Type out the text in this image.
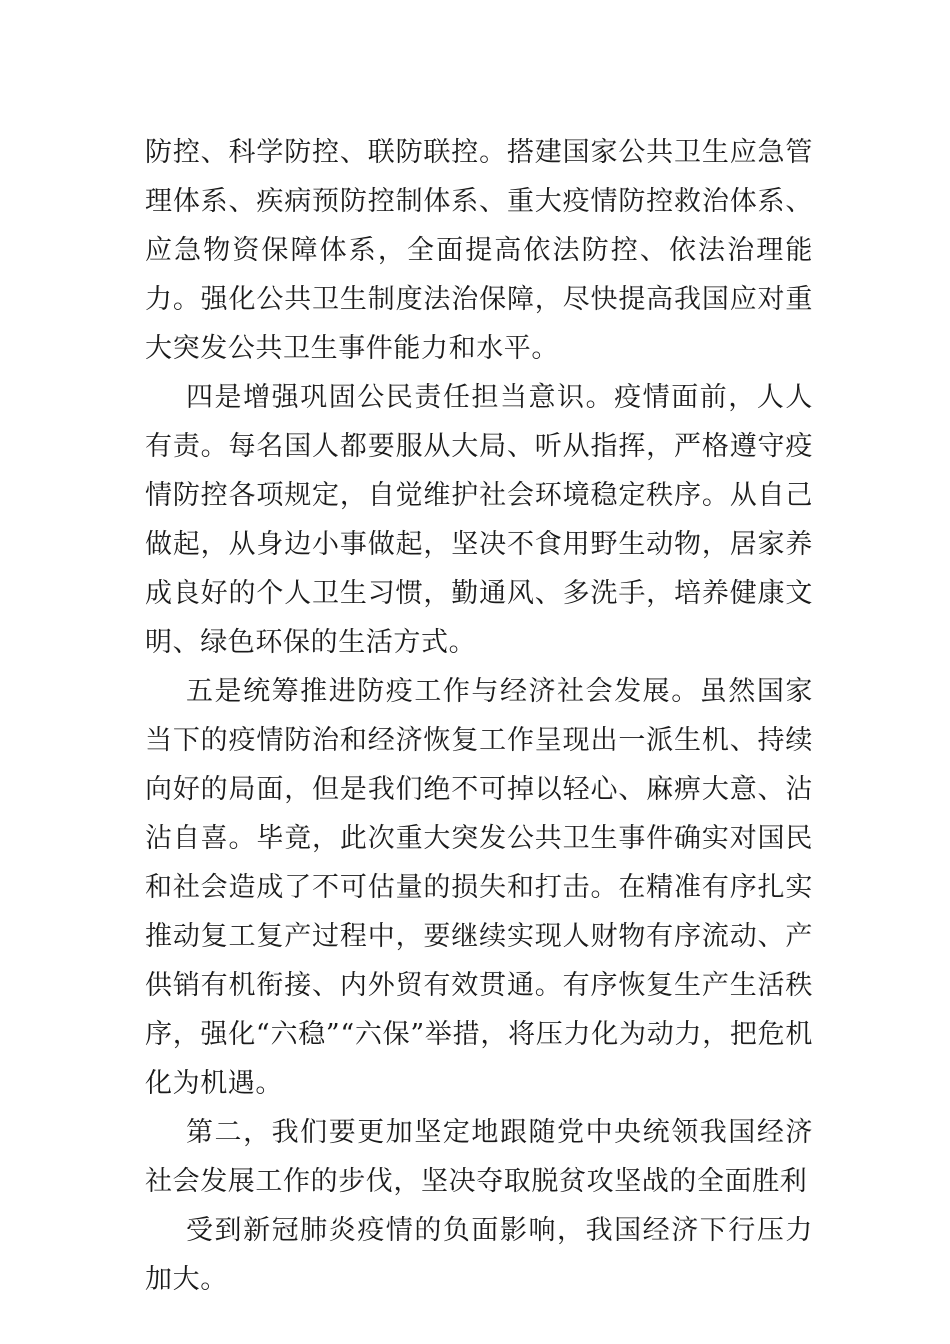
防控、科学防控、联防联控。搭建国家公共卫生应急管理体系、疾病预防控制体系、重大疫情防控救治体系、应急物资保障体系，全面提高依法防控、依法治理能力。强化公共卫生制度法治保障，尽快提高我国应对重大突发公共卫生事件能力和水平。

四是增强巩固公民责任担当意识。疫情面前，人人有责。每名国人都要服从大局、听从指挥，严格遵守疫情防控各项规定，自觉维护社会环境稳定秩序。从自己做起，从身边小事做起，坚决不食用野生动物，居家养成良好的个人卫生习惯，勤通风、多洗手，培养健康文明、绿色环保的生活方式。

五是统筹推进防疫工作与经济社会发展。虽然国家当下的疫情防治和经济恢复工作呈现出一派生机、持续向好的局面，但是我们绝不可掉以轻心、麻痹大意、沾沾自喜。毕竟，此次重大突发公共卫生事件确实对国民和社会造成了不可估量的损失和打击。在精准有序扎实推动复工复产过程中，要继续实现人财物有序流动、产供销有机衔接、内外贸有效贯通。有序恢复生产生活秩序，强化“六稳”“六保”举措，将压力化为动力，把危机化为机遇。

第二，我们要更加坚定地跟随党中央统领我国经济社会发展工作的步伐，坚决夺取脱贫攻坚战的全面胜利

受到新冠肺炎疫情的负面影响，我国经济下行压力加大。
